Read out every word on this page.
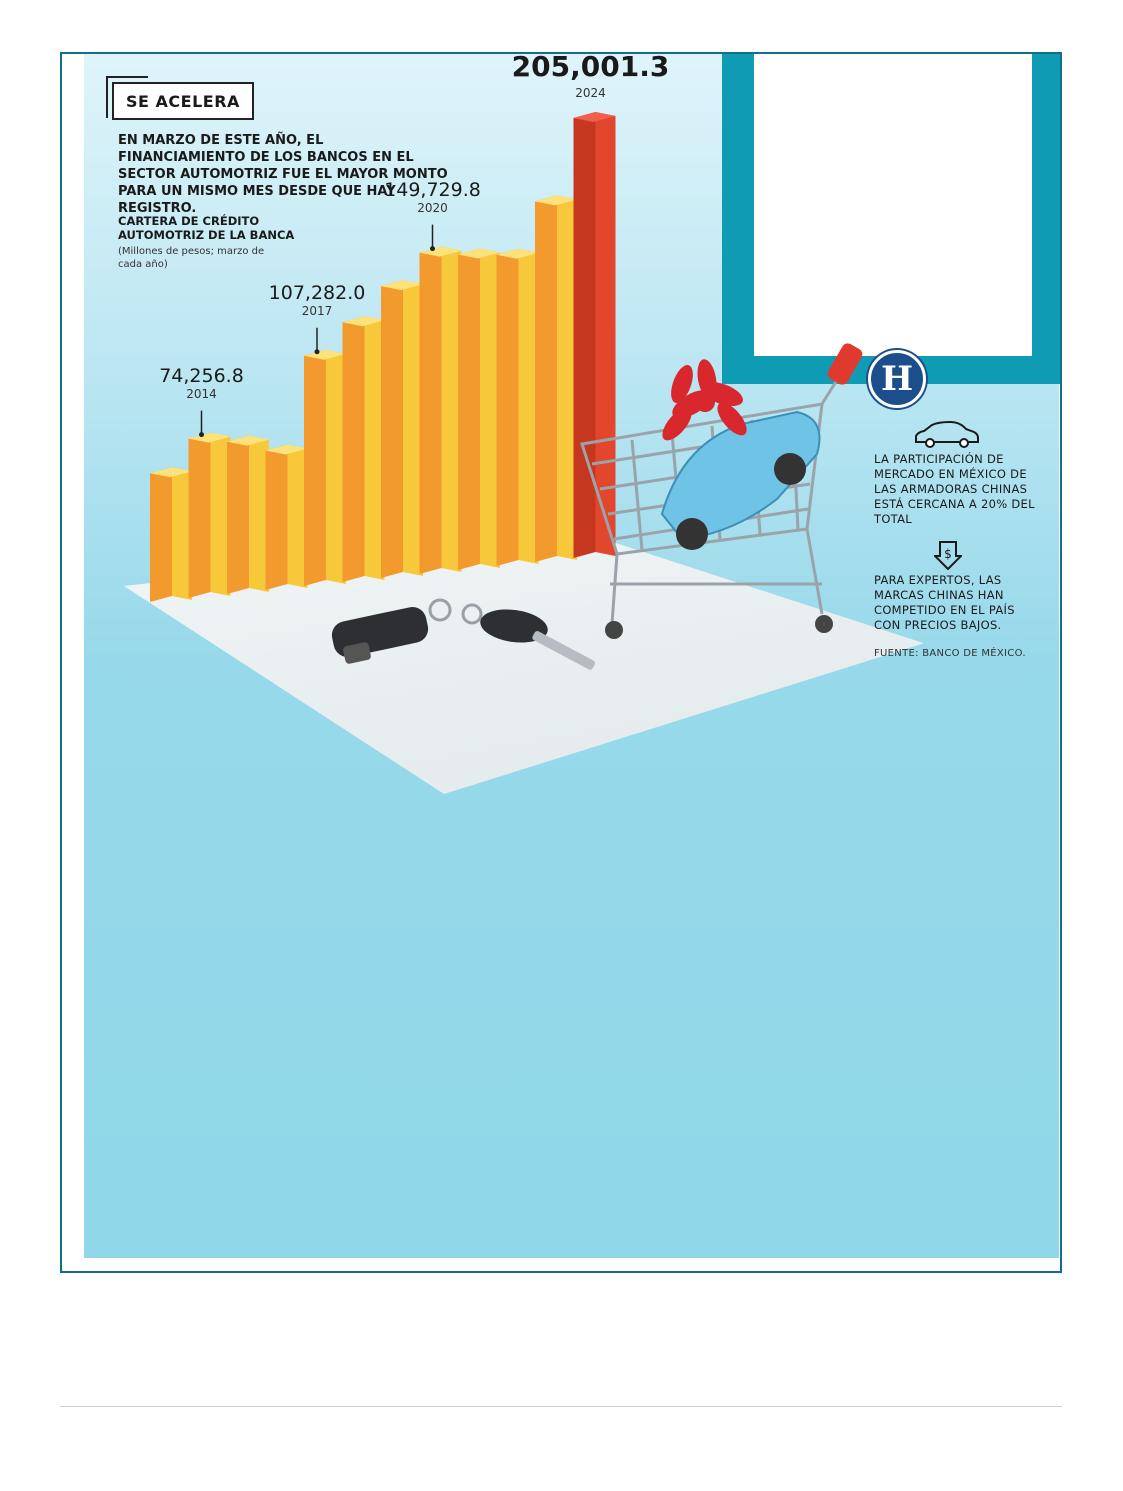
SE ACELERA
EN MARZO DE ESTE AÑO, EL FINANCIAMIENTO DE LOS BANCOS EN EL SECTOR AUTOMOTRIZ FUE EL MAYOR MONTO PARA UN MISMO MES DESDE QUE HAY REGISTRO.
CARTERA DE CRÉDITO AUTOMOTRIZ DE LA BANCA
(Millones de pesos; marzo de cada año)
74,256.8
2014
107,282.0
2017
149,729.8
2020
205,001.3
2024
H
LA PARTICIPACIÓN DE MERCADO EN MÉXICO DE LAS ARMADORAS CHINAS ESTÁ CERCANA A 20% DEL TOTAL
$
PARA EXPERTOS, LAS MARCAS CHINAS HAN COMPETIDO EN EL PAÍS CON PRECIOS BAJOS.
FUENTE: BANCO DE MÉXICO.
